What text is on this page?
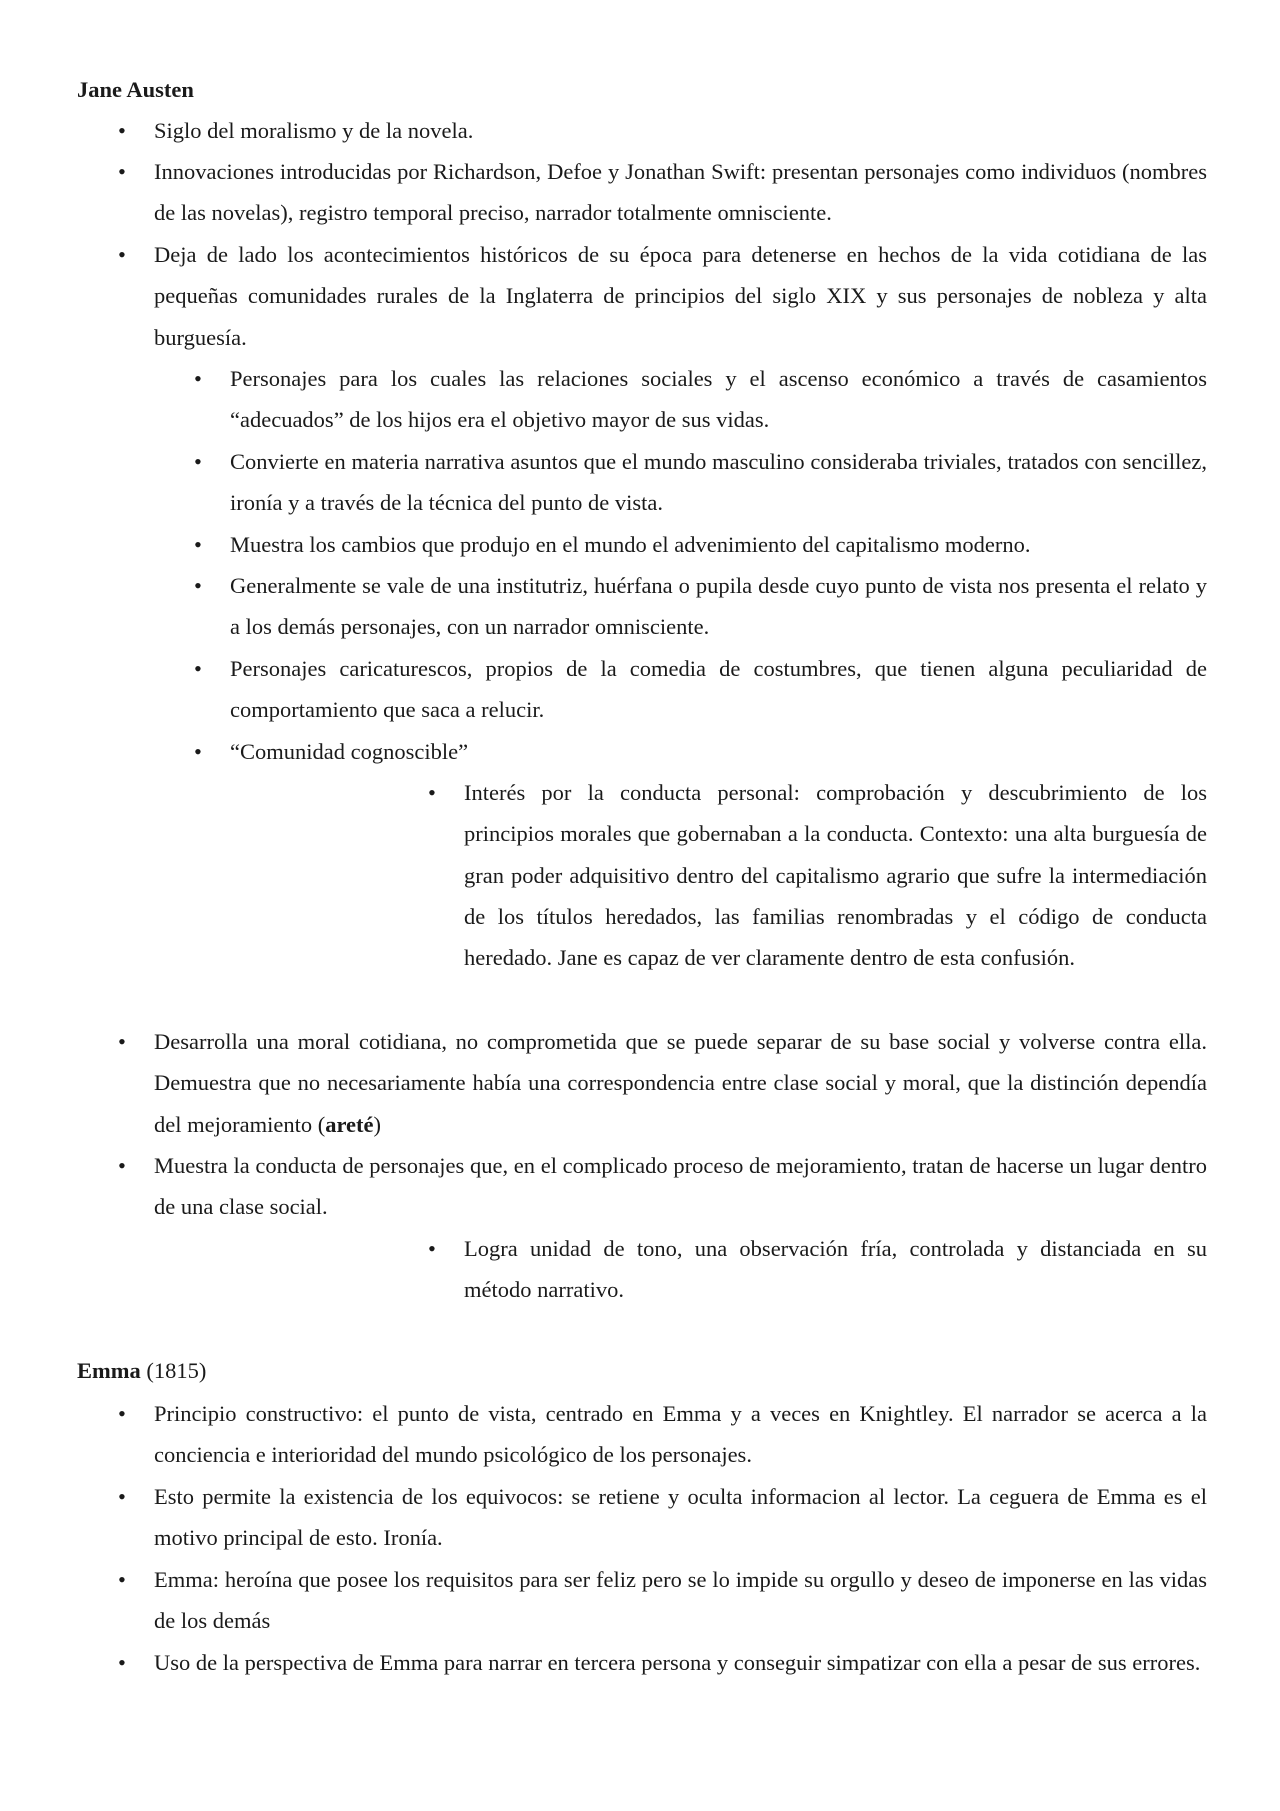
Jane Austen
• Siglo del moralismo y de la novela.
• Innovaciones introducidas por Richardson, Defoe y Jonathan Swift: presentan personajes como individuos (nombres de las novelas), registro temporal preciso, narrador totalmente omnisciente.
• Deja de lado los acontecimientos históricos de su época para detenerse en hechos de la vida cotidiana de las pequeñas comunidades rurales de la Inglaterra de principios del siglo XIX y sus personajes de nobleza y alta burguesía.
• Personajes para los cuales las relaciones sociales y el ascenso económico a través de casamientos “adecuados” de los hijos era el objetivo mayor de sus vidas.
• Convierte en materia narrativa asuntos que el mundo masculino consideraba triviales, tratados con sencillez, ironía y a través de la técnica del punto de vista.
• Muestra los cambios que produjo en el mundo el advenimiento del capitalismo moderno.
• Generalmente se vale de una institutriz, huérfana o pupila desde cuyo punto de vista nos presenta el relato y a los demás personajes, con un narrador omnisciente.
• Personajes caricaturescos, propios de la comedia de costumbres, que tienen alguna peculiaridad de comportamiento que saca a relucir.
• “Comunidad cognoscible”
• Interés por la conducta personal: comprobación y descubrimiento de los principios morales que gobernaban a la conducta. Contexto: una alta burguesía de gran poder adquisitivo dentro del capitalismo agrario que sufre la intermediación de los títulos heredados, las familias renombradas y el código de conducta heredado. Jane es capaz de ver claramente dentro de esta confusión.
• Desarrolla una moral cotidiana, no comprometida que se puede separar de su base social y volverse contra ella. Demuestra que no necesariamente había una correspondencia entre clase social y moral, que la distinción dependía del mejoramiento (areté)
• Muestra la conducta de personajes que, en el complicado proceso de mejoramiento, tratan de hacerse un lugar dentro de una clase social.
• Logra unidad de tono, una observación fría, controlada y distanciada en su método narrativo.
Emma (1815)
• Principio constructivo: el punto de vista, centrado en Emma y a veces en Knightley. El narrador se acerca a la conciencia e interioridad del mundo psicológico de los personajes.
• Esto permite la existencia de los equivocos: se retiene y oculta informacion al lector. La ceguera de Emma es el motivo principal de esto. Ironía.
• Emma: heroína que posee los requisitos para ser feliz pero se lo impide su orgullo y deseo de imponerse en las vidas de los demás
• Uso de la perspectiva de Emma para narrar en tercera persona y conseguir simpatizar con ella a pesar de sus errores.
